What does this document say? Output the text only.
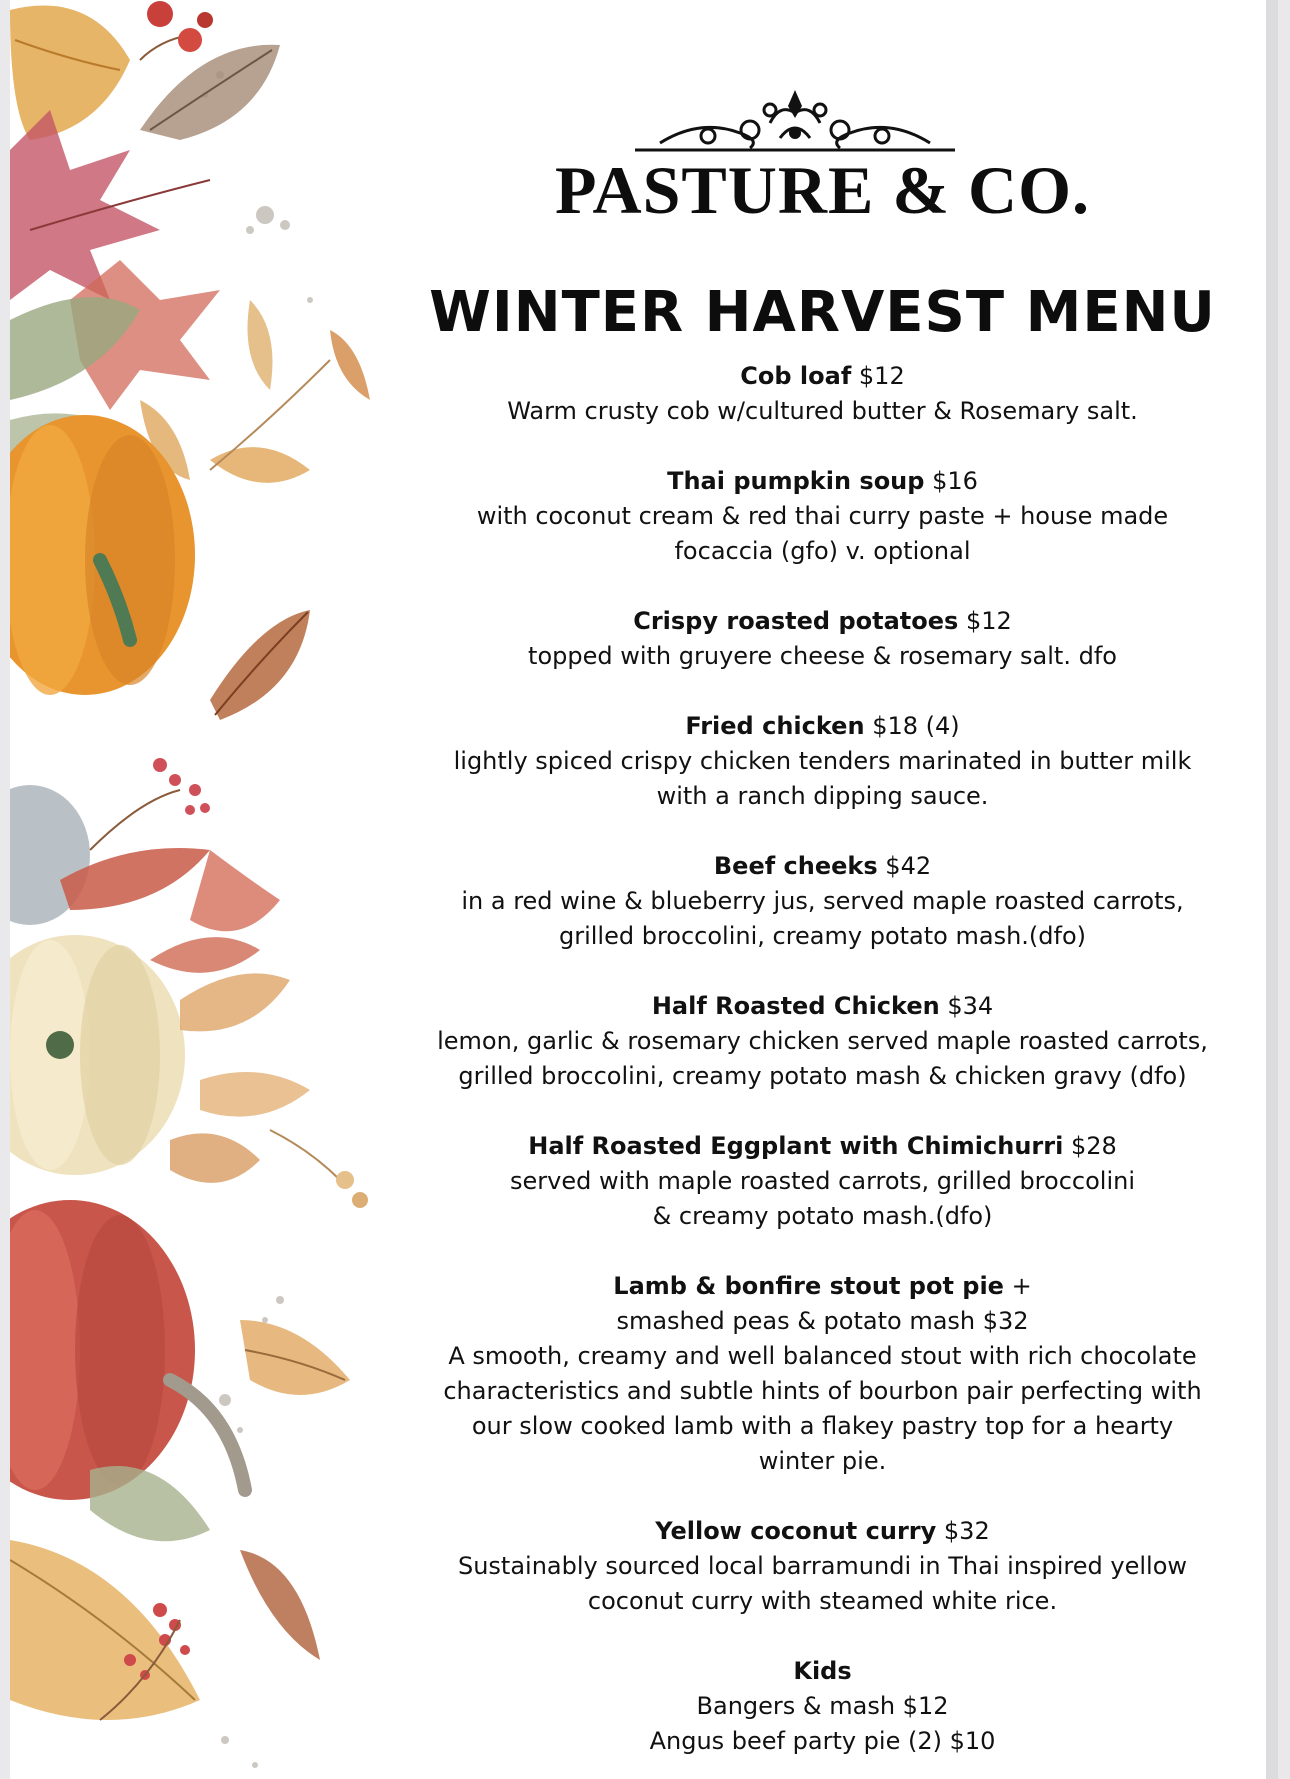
PASTURE & CO.
WINTER HARVEST MENU
Cob loaf $12
Warm crusty cob w/cultured butter & Rosemary salt.
Thai pumpkin soup $16
with coconut cream & red thai curry paste + house made
focaccia (gfo) v. optional
Crispy roasted potatoes $12
topped with gruyere cheese & rosemary salt. dfo
Fried chicken $18 (4)
lightly spiced crispy chicken tenders marinated in butter milk
with a ranch dipping sauce.
Beef cheeks $42
in a red wine & blueberry jus, served maple roasted carrots,
grilled broccolini, creamy potato mash.(dfo)
Half Roasted Chicken $34
lemon, garlic & rosemary chicken served maple roasted carrots,
grilled broccolini, creamy potato mash & chicken gravy (dfo)
Half Roasted Eggplant with Chimichurri $28
served with maple roasted carrots, grilled broccolini
& creamy potato mash.(dfo)
Lamb & bonfire stout pot pie +
smashed peas & potato mash $32
A smooth, creamy and well balanced stout with rich chocolate
characteristics and subtle hints of bourbon pair perfecting with
our slow cooked lamb with a flakey pastry top for a hearty
winter pie.
Yellow coconut curry $32
Sustainably sourced local barramundi in Thai inspired yellow
coconut curry with steamed white rice.
Kids
Bangers & mash $12
Angus beef party pie (2) $10
